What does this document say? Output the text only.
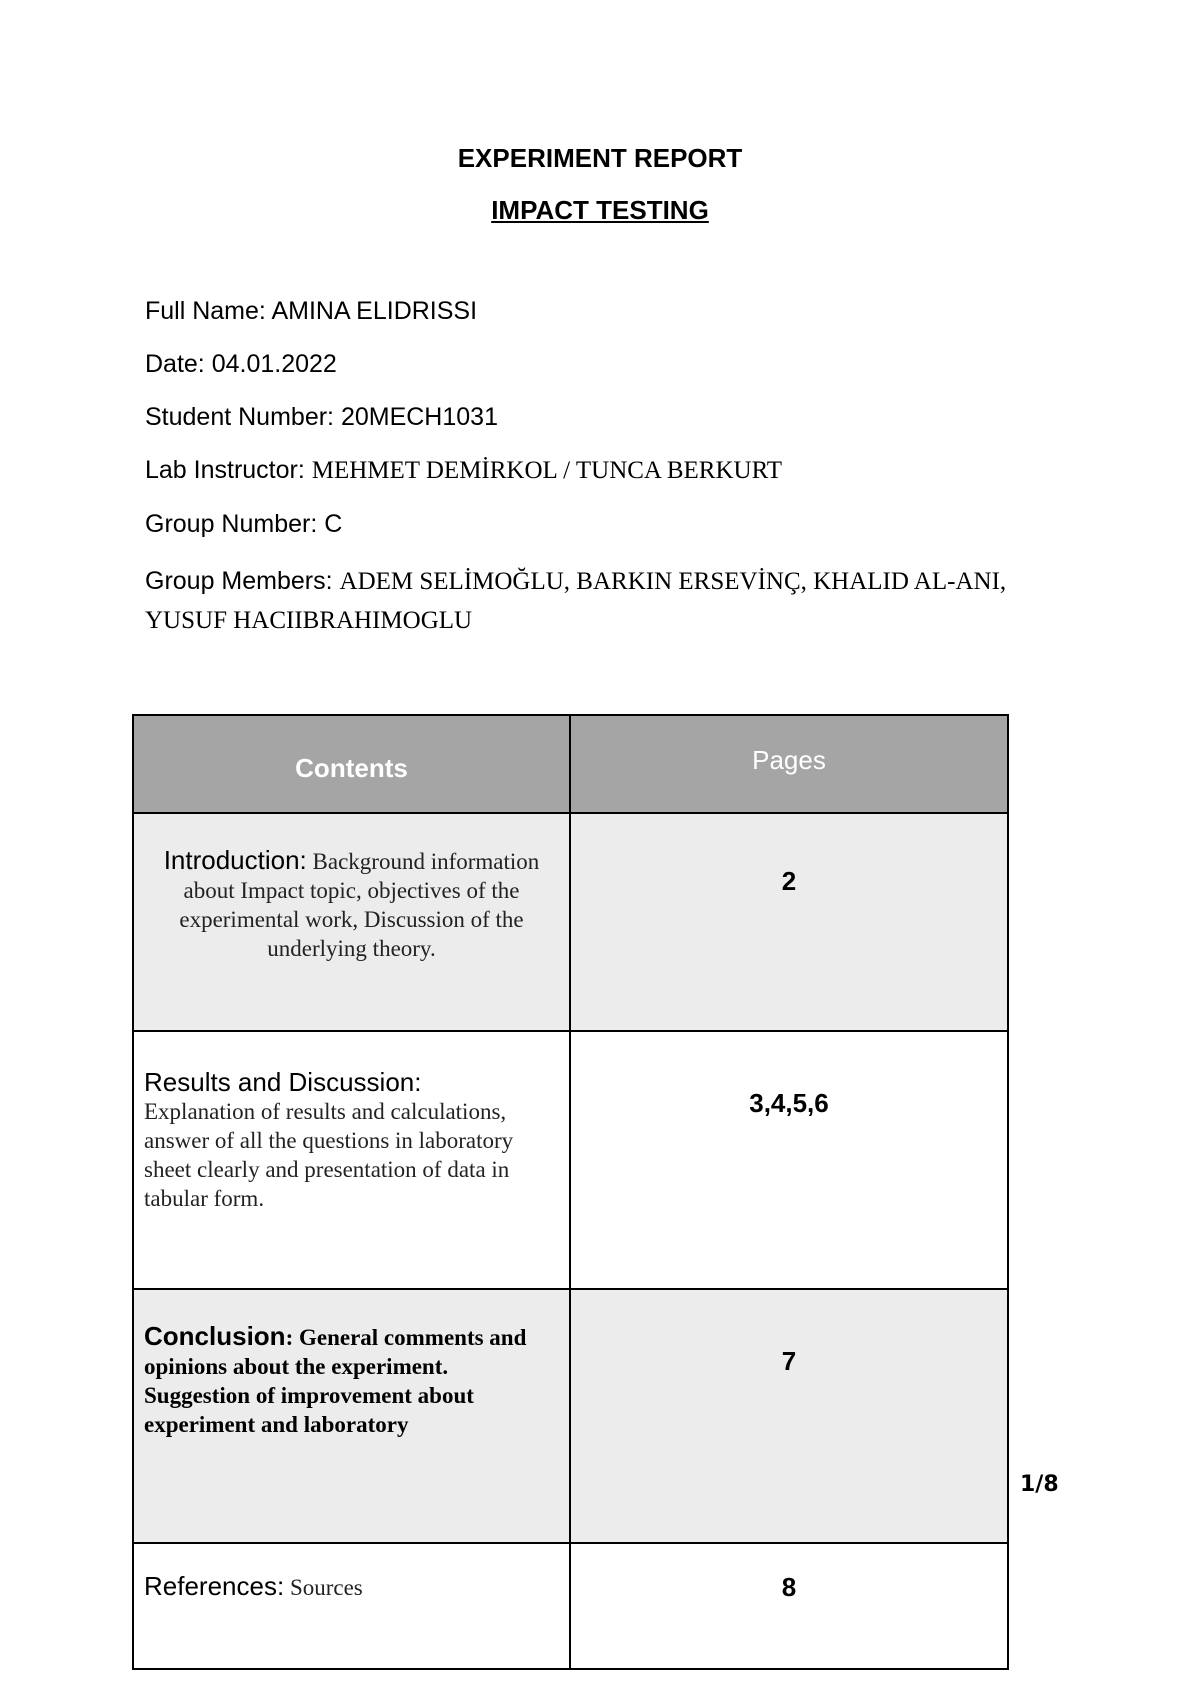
EXPERIMENT REPORT
IMPACT TESTING
Full Name: AMINA ELIDRISSI
Date: 04.01.2022
Student Number: 20MECH1031
Lab Instructor: MEHMET DEMİRKOL / TUNCA BERKURT
Group Number: C
Group Members: ADEM SELİMOĞLU, BARKIN ERSEVİNÇ, KHALID AL-ANI, YUSUF HACIIBRAHIMOGLU
Contents	Pages
Introduction: Background information about Impact topic, objectives of the experimental work, Discussion of the underlying theory.	2
Results and Discussion:
Explanation of results and calculations, answer of all the questions in laboratory sheet clearly and presentation of data in tabular form.	3,4,5,6
Conclusion: General comments and opinions about the experiment. Suggestion of improvement about experiment and laboratory	7
References: Sources	8
1/8
